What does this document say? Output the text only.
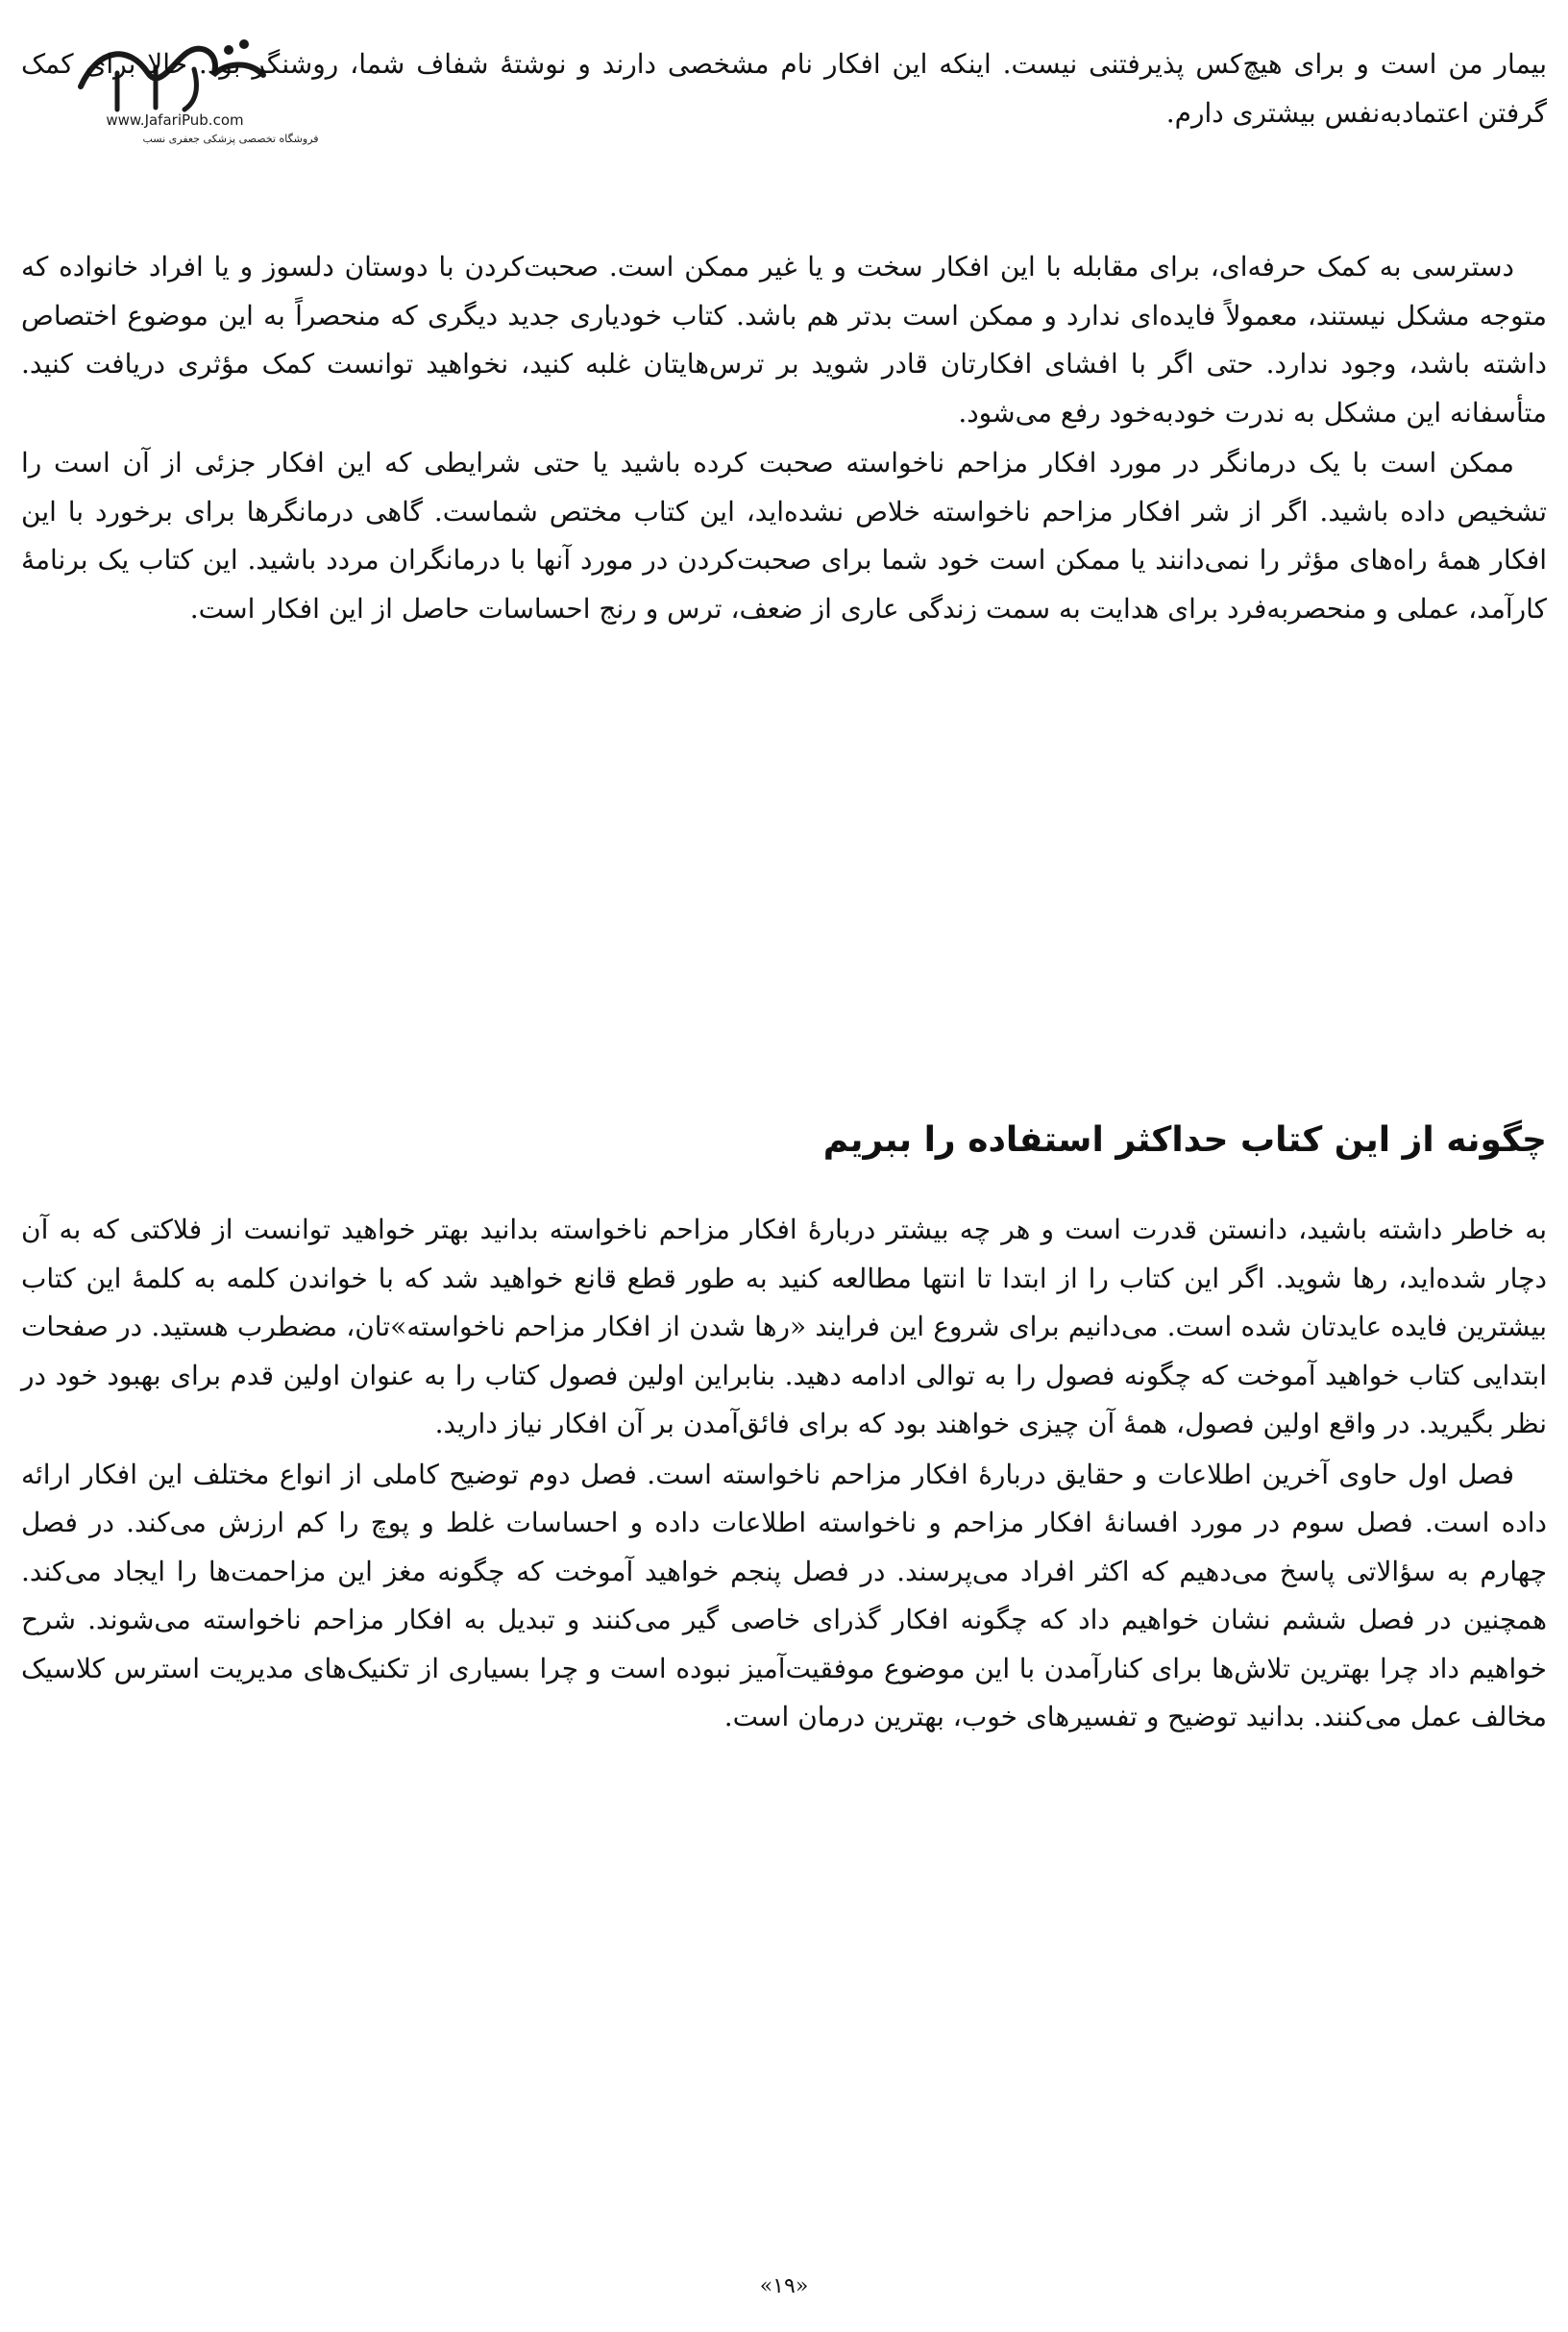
www.JafariPub.com
فروشگاه تخصصی پزشکی جعفری نسب

بیمار من است و برای هیچ‌کس پذیرفتنی نیست. اینکه این افکار نام مشخصی دارند و نوشتهٔ شفاف شما، روشنگر بود. حالا برای کمک گرفتن اعتمادبه‌نفس بیشتری دارم.

دسترسی به کمک حرفه‌ای، برای مقابله با این افکار سخت و یا غیر ممکن است. صحبت‌کردن با دوستان دلسوز و یا افراد خانواده که متوجه مشکل نیستند، معمولاً فایده‌ای ندارد و ممکن است بدتر هم باشد. کتاب خودیاری جدید دیگری که منحصراً به این موضوع اختصاص داشته باشد، وجود ندارد. حتی اگر با افشای افکارتان قادر شوید بر ترس‌هایتان غلبه کنید، نخواهید توانست کمک مؤثری دریافت کنید. متأسفانه این مشکل به ندرت خودبه‌خود رفع می‌شود.

ممکن است با یک درمانگر در مورد افکار مزاحم ناخواسته صحبت کرده باشید یا حتی شرایطی که این افکار جزئی از آن است را تشخیص داده باشید. اگر از شر افکار مزاحم ناخواسته خلاص نشده‌اید، این کتاب مختص شماست. گاهی درمانگرها برای برخورد با این افکار همهٔ راه‌های مؤثر را نمی‌دانند یا ممکن است خود شما برای صحبت‌کردن در مورد آنها با درمانگران مردد باشید. این کتاب یک برنامهٔ کارآمد، عملی و منحصربه‌فرد برای هدایت به سمت زندگی عاری از ضعف، ترس و رنج احساسات حاصل از این افکار است.

چگونه از این کتاب حداکثر استفاده را ببریم

به خاطر داشته باشید، دانستن قدرت است و هر چه بیشتر دربارهٔ افکار مزاحم ناخواسته بدانید بهتر خواهید توانست از فلاکتی که به آن دچار شده‌اید، رها شوید. اگر این کتاب را از ابتدا تا انتها مطالعه کنید به طور قطع قانع خواهید شد که با خواندن کلمه به کلمهٔ این کتاب بیشترین فایده عایدتان شده است. می‌دانیم برای شروع این فرایند «رها شدن از افکار مزاحم ناخواسته»تان، مضطرب هستید. در صفحات ابتدایی کتاب خواهید آموخت که چگونه فصول را به توالی ادامه دهید. بنابراین اولین فصول کتاب را به عنوان اولین قدم برای بهبود خود در نظر بگیرید. در واقع اولین فصول، همهٔ آن چیزی خواهند بود که برای فائق‌آمدن بر آن افکار نیاز دارید.

فصل اول حاوی آخرین اطلاعات و حقایق دربارهٔ افکار مزاحم ناخواسته است. فصل دوم توضیح کاملی از انواع مختلف این افکار ارائه داده است. فصل سوم در مورد افسانهٔ افکار مزاحم و ناخواسته اطلاعات داده و احساسات غلط و پوچ را کم ارزش می‌کند. در فصل چهارم به سؤالاتی پاسخ می‌دهیم که اکثر افراد می‌پرسند. در فصل پنجم خواهید آموخت که چگونه مغز این مزاحمت‌ها را ایجاد می‌کند. همچنین در فصل ششم نشان خواهیم داد که چگونه افکار گذرای خاصی گیر می‌کنند و تبدیل به افکار مزاحم ناخواسته می‌شوند. شرح خواهیم داد چرا بهترین تلاش‌ها برای کنارآمدن با این موضوع موفقیت‌آمیز نبوده است و چرا بسیاری از تکنیک‌های مدیریت استرس کلاسیک مخالف عمل می‌کنند. بدانید توضیح و تفسیرهای خوب، بهترین درمان است.

«۱۹»
